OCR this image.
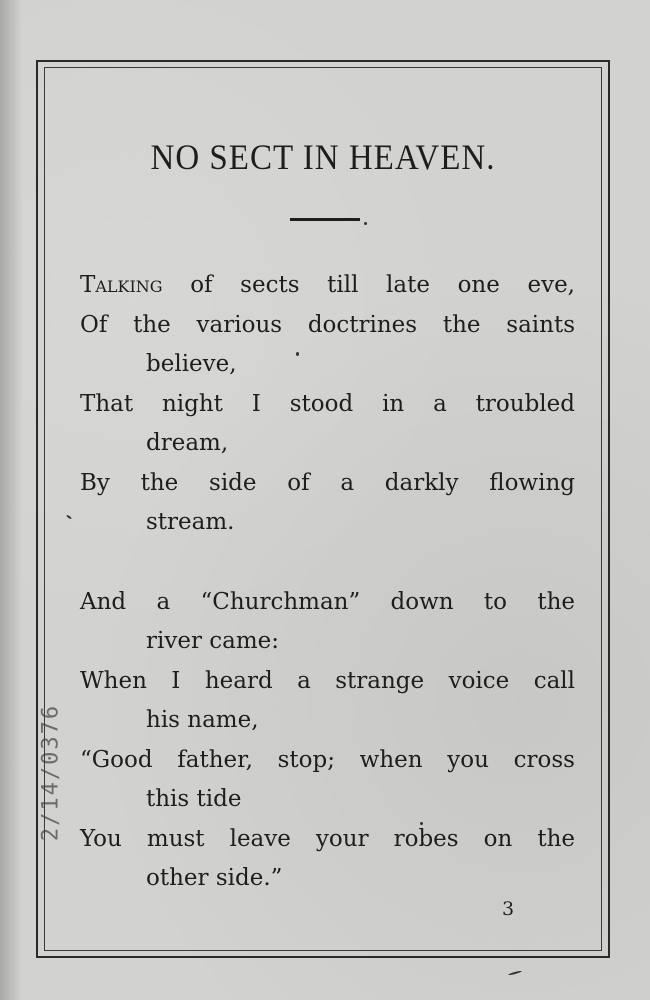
2/14/0376
NO SECT IN HEAVEN.
Talking of sects till late one eve,
Of the various doctrines the saints
believe,
That night I stood in a troubled
dream,
By the side of a darkly flowing
stream.
And a “Churchman” down to the
river came:
When I heard a strange voice call
his name,
“Good father, stop; when you cross
this tide
You must leave your robes on the
other side.”
3
